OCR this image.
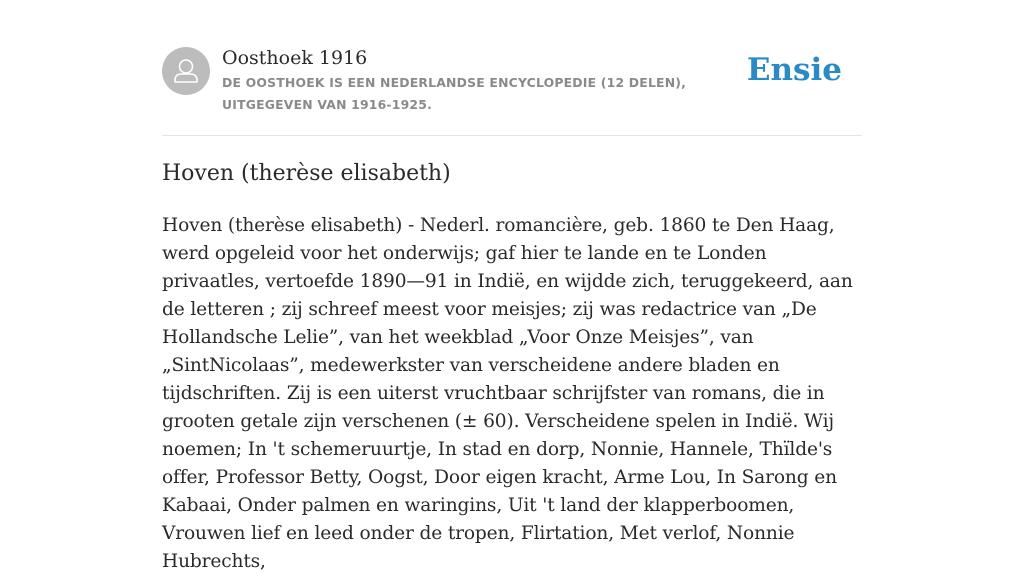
Oosthoek 1916
DE OOSTHOEK IS EEN NEDERLANDSE ENCYCLOPEDIE (12 DELEN), UITGEGEVEN VAN 1916-1925.
Ensie
Hoven (therèse elisabeth)

Hoven (therèse elisabeth) - Nederl. romancière, geb. 1860 te Den Haag, werd opgeleid voor het onderwijs; gaf hier te lande en te Londen privaatles, vertoefde 1890—91 in Indië, en wijdde zich, teruggekeerd, aan de letteren ; zij schreef meest voor meisjes; zij was redactrice van „De Hollandsche Lelie”, van het weekblad „Voor Onze Meisjes”, van „SintNicolaas”, medewerkster van verscheidene andere bladen en tijdschriften. Zij is een uiterst vruchtbaar schrijfster van romans, die in grooten getale zijn verschenen (± 60). Verscheidene spelen in Indië. Wij noemen; In 't schemeruurtje, In stad en dorp, Nonnie, Hannele, Thïlde's offer, Professor Betty, Oogst, Door eigen kracht, Arme Lou, In Sarong en Kabaai, Onder palmen en waringins, Uit 't land der klapperboomen, Vrouwen lief en leed onder de tropen, Flirtation, Met verlof, Nonnie Hubrechts,
